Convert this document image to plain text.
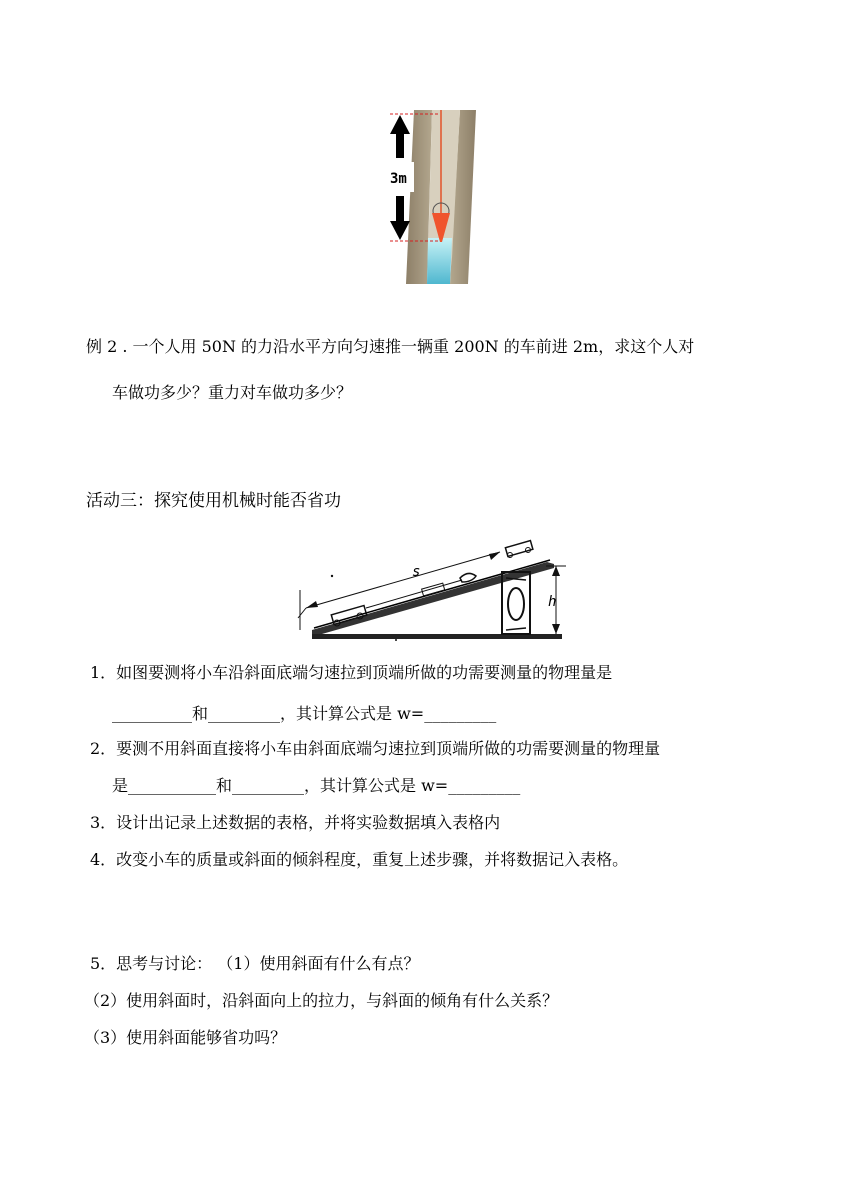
3m
例 2 . 一个人用 50N 的力沿水平方向匀速推一辆重 200N 的车前进 2m，求这个人对
车做功多少？重力对车做功多少？
活动三：探究使用机械时能否省功
s
h
1．如图要测将小车沿斜面底端匀速拉到顶端所做的功需要测量的物理量是
__________和_________，其计算公式是 w=_________
2．要测不用斜面直接将小车由斜面底端匀速拉到顶端所做的功需要测量的物理量
是___________和_________，其计算公式是 w=_________
3．设计出记录上述数据的表格，并将实验数据填入表格内
4．改变小车的质量或斜面的倾斜程度，重复上述步骤，并将数据记入表格。
5．思考与讨论： （1）使用斜面有什么有点？
（2）使用斜面时，沿斜面向上的拉力，与斜面的倾角有什么关系？
（3）使用斜面能够省功吗？
